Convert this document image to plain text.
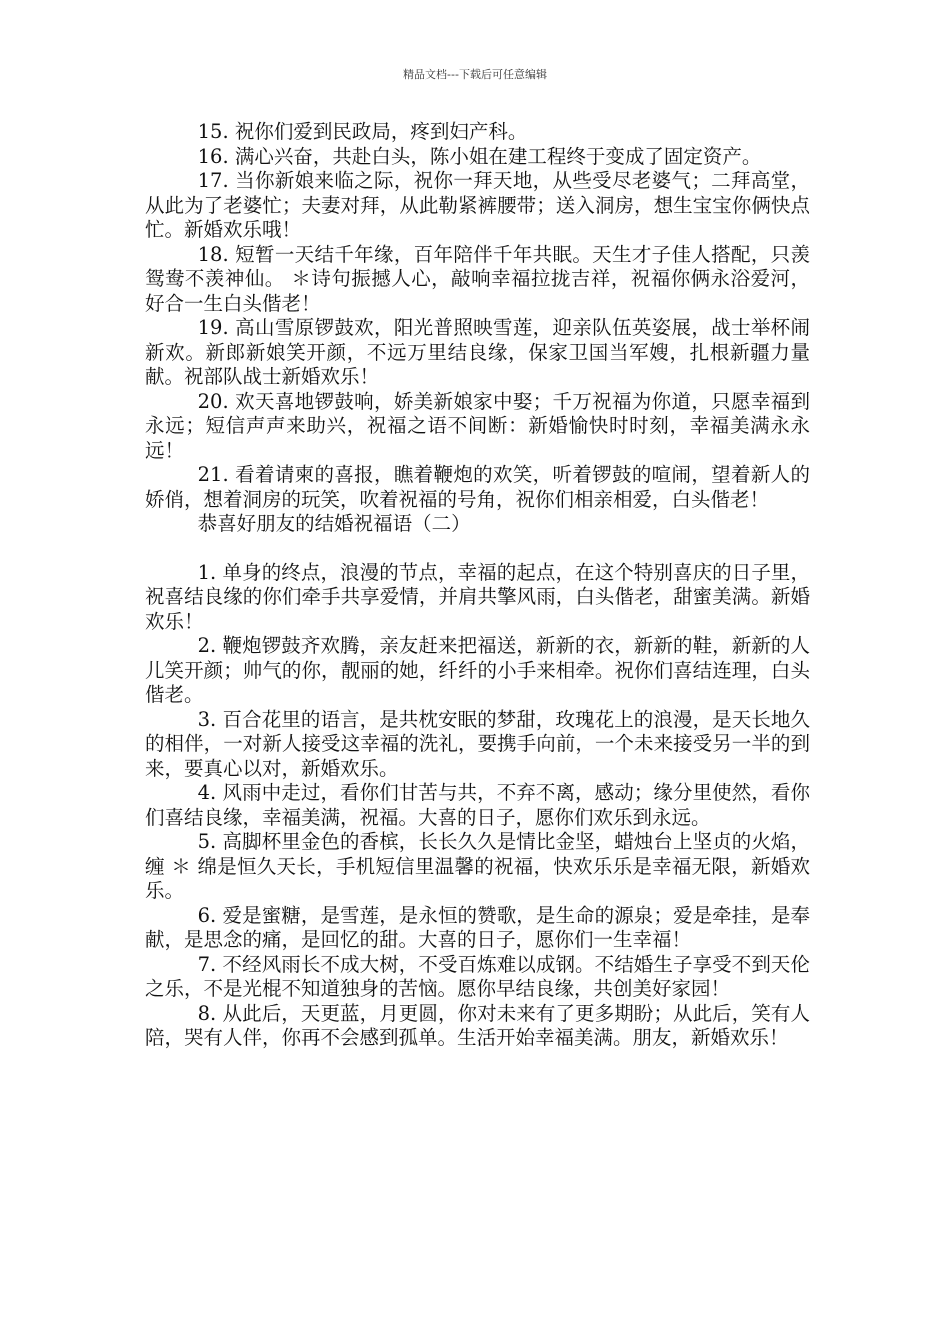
精品文档---下载后可任意编辑

15. 祝你们爱到民政局，疼到妇产科。

16. 满心兴奋，共赴白头，陈小姐在建工程终于变成了固定资产。

17. 当你新娘来临之际，祝你一拜天地，从些受尽老婆气；二拜高堂，从此为了老婆忙；夫妻对拜，从此勒紧裤腰带；送入洞房，想生宝宝你俩快点忙。新婚欢乐哦！

18. 短暂一天结千年缘，百年陪伴千年共眠。天生才子佳人搭配，只羡鸳鸯不羡神仙。 ＊诗句振撼人心，敲响幸福拉拢吉祥，祝福你俩永浴爱河，好合一生白头偕老！

19. 高山雪原锣鼓欢，阳光普照映雪莲，迎亲队伍英姿展，战士举杯闹新欢。新郎新娘笑开颜，不远万里结良缘，保家卫国当军嫂，扎根新疆力量献。祝部队战士新婚欢乐！

20. 欢天喜地锣鼓响，娇美新娘家中娶；千万祝福为你道，只愿幸福到永远；短信声声来助兴，祝福之语不间断：新婚愉快时时刻，幸福美满永永远！

21. 看着请柬的喜报，瞧着鞭炮的欢笑，听着锣鼓的喧闹，望着新人的娇俏，想着洞房的玩笑，吹着祝福的号角，祝你们相亲相爱，白头偕老！

恭喜好朋友的结婚祝福语（二）

1. 单身的终点，浪漫的节点，幸福的起点，在这个特别喜庆的日子里，祝喜结良缘的你们牵手共享爱情，并肩共擎风雨，白头偕老，甜蜜美满。新婚欢乐！

2. 鞭炮锣鼓齐欢腾，亲友赶来把福送，新新的衣，新新的鞋，新新的人儿笑开颜；帅气的你，靓丽的她，纤纤的小手来相牵。祝你们喜结连理，白头偕老。

3. 百合花里的语言，是共枕安眠的梦甜，玫瑰花上的浪漫，是天长地久的相伴，一对新人接受这幸福的洗礼，要携手向前，一个未来接受另一半的到来，要真心以对，新婚欢乐。

4. 风雨中走过，看你们甘苦与共，不弃不离，感动；缘分里使然，看你们喜结良缘，幸福美满，祝福。大喜的日子，愿你们欢乐到永远。

5. 高脚杯里金色的香槟，长长久久是情比金坚，蜡烛台上坚贞的火焰，缠 ＊ 绵是恒久天长，手机短信里温馨的祝福，快欢乐乐是幸福无限，新婚欢乐。

6. 爱是蜜糖，是雪莲，是永恒的赞歌，是生命的源泉；爱是牵挂，是奉献，是思念的痛，是回忆的甜。大喜的日子，愿你们一生幸福！

7. 不经风雨长不成大树，不受百炼难以成钢。不结婚生子享受不到天伦之乐，不是光棍不知道独身的苦恼。愿你早结良缘，共创美好家园！

8. 从此后，天更蓝，月更圆，你对未来有了更多期盼；从此后，笑有人陪，哭有人伴，你再不会感到孤单。生活开始幸福美满。朋友，新婚欢乐！
